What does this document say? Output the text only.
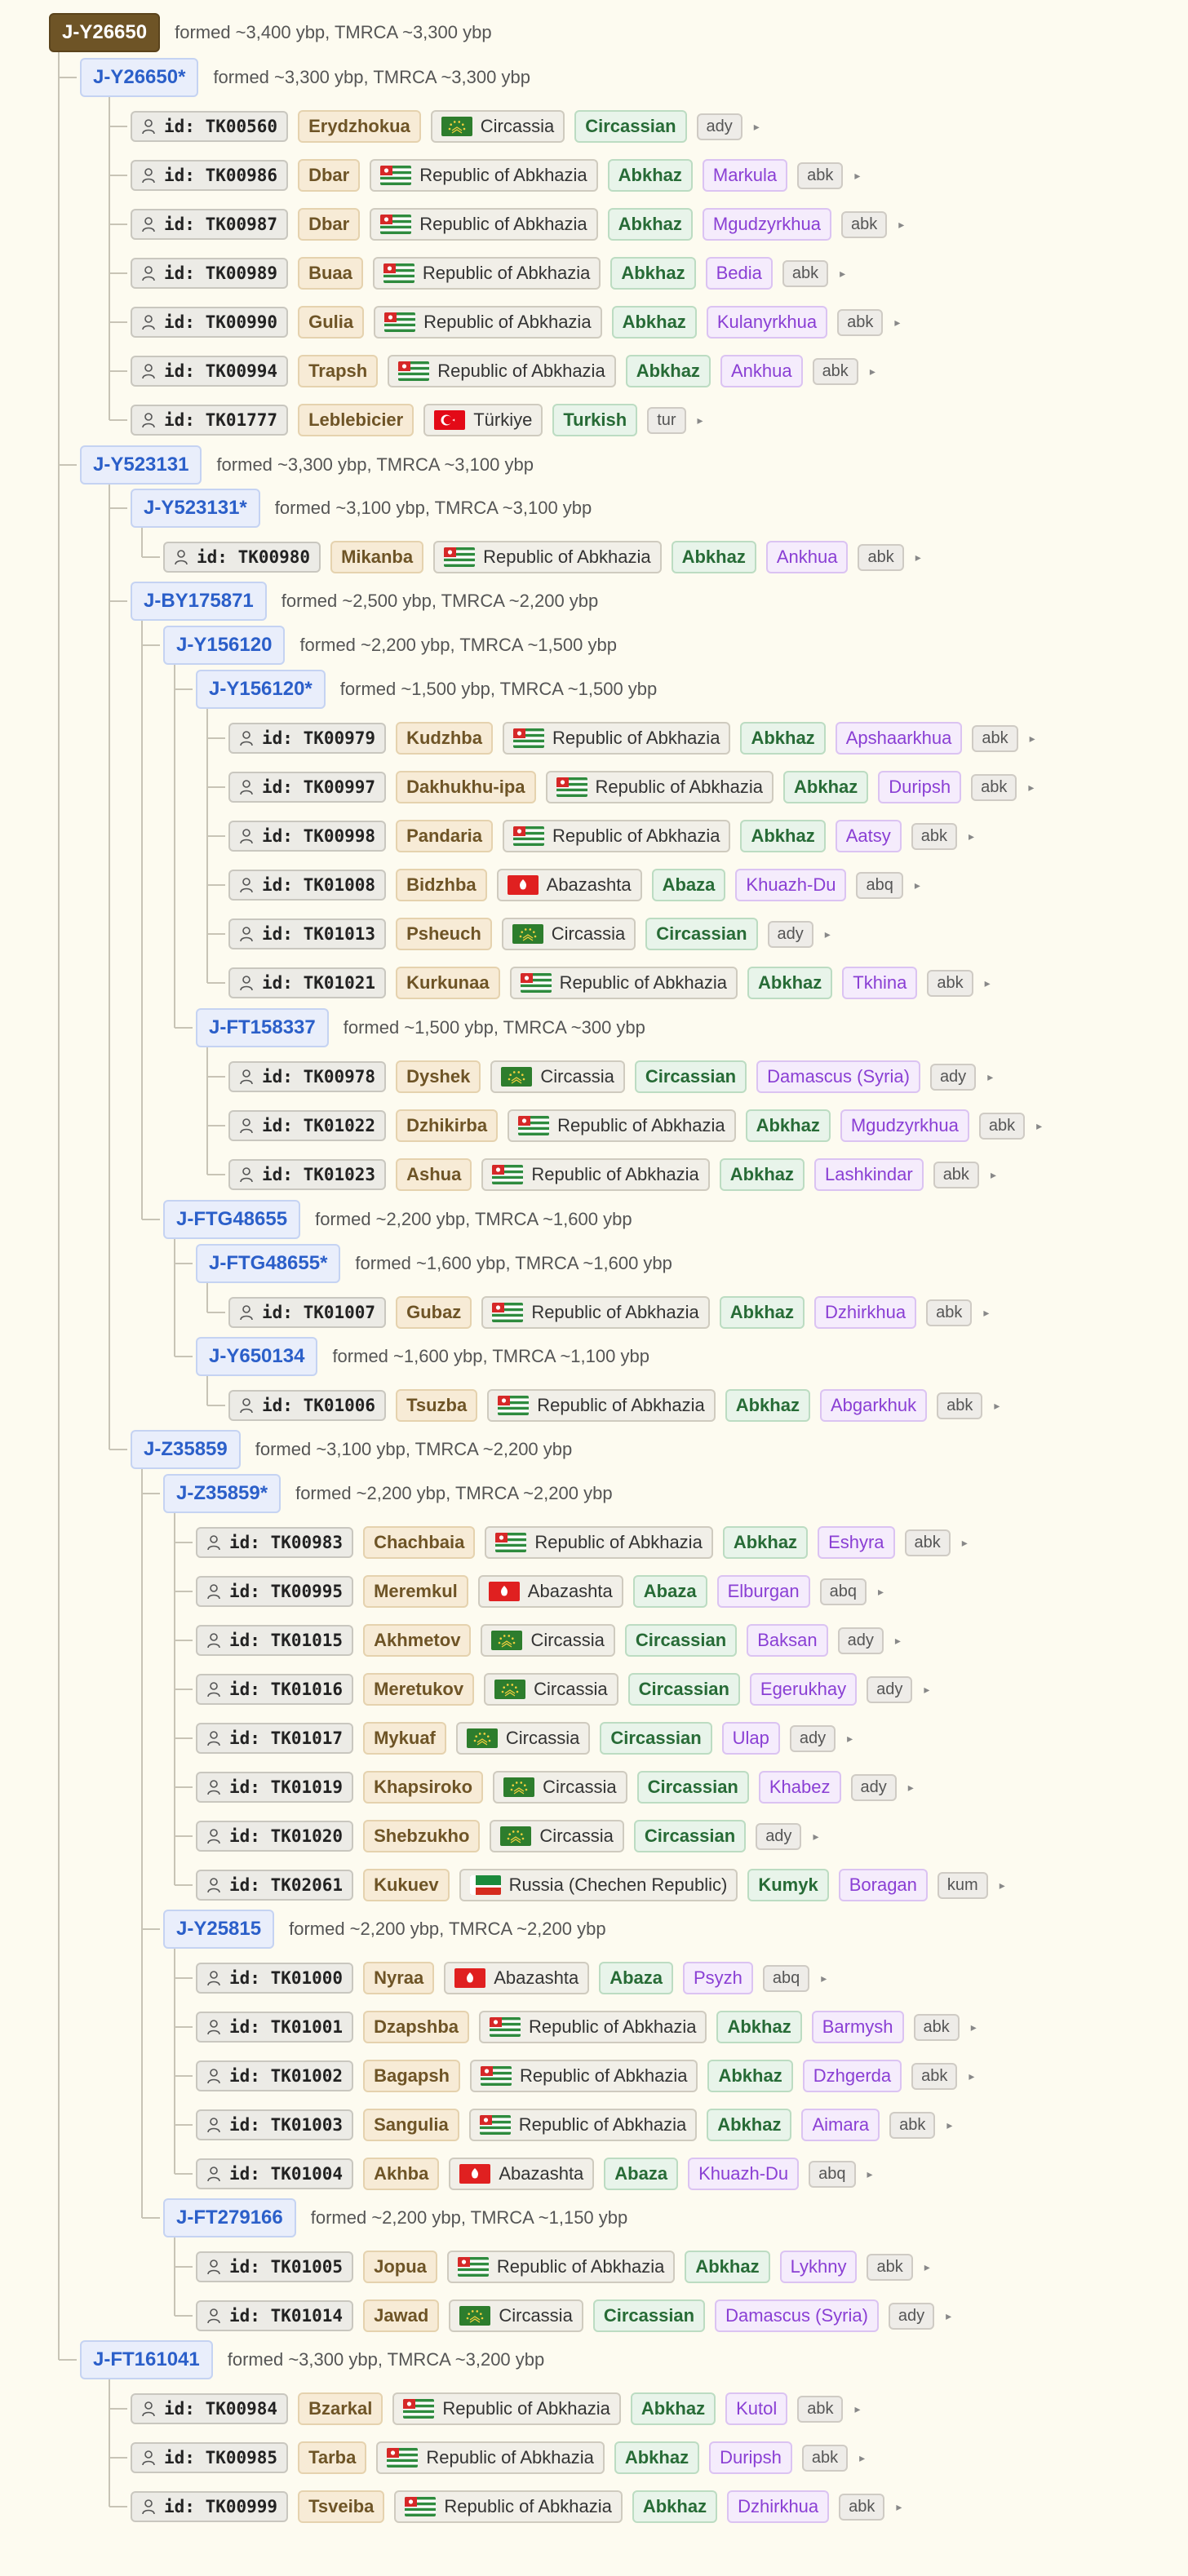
J-Y26650	formed ~3,400 ybp, TMRCA ~3,300 ybp
J-Y26650*	formed ~3,300 ybp, TMRCA ~3,300 ybp
id: TK00560	Erydzhokua	Circassia	Circassian	ady	▸
id: TK00986	Dbar	Republic of Abkhazia	Abkhaz	Markula	abk	▸
id: TK00987	Dbar	Republic of Abkhazia	Abkhaz	Mgudzyrkhua	abk	▸
id: TK00989	Buaa	Republic of Abkhazia	Abkhaz	Bedia	abk	▸
id: TK00990	Gulia	Republic of Abkhazia	Abkhaz	Kulanyrkhua	abk	▸
id: TK00994	Trapsh	Republic of Abkhazia	Abkhaz	Ankhua	abk	▸
id: TK01777	Leblebicier	Türkiye	Turkish	tur	▸
J-Y523131	formed ~3,300 ybp, TMRCA ~3,100 ybp
J-Y523131*	formed ~3,100 ybp, TMRCA ~3,100 ybp
id: TK00980	Mikanba	Republic of Abkhazia	Abkhaz	Ankhua	abk	▸
J-BY175871	formed ~2,500 ybp, TMRCA ~2,200 ybp
J-Y156120	formed ~2,200 ybp, TMRCA ~1,500 ybp
J-Y156120*	formed ~1,500 ybp, TMRCA ~1,500 ybp
id: TK00979	Kudzhba	Republic of Abkhazia	Abkhaz	Apshaarkhua	abk	▸
id: TK00997	Dakhukhu-ipa	Republic of Abkhazia	Abkhaz	Duripsh	abk	▸
id: TK00998	Pandaria	Republic of Abkhazia	Abkhaz	Aatsy	abk	▸
id: TK01008	Bidzhba	Abazashta	Abaza	Khuazh-Du	abq	▸
id: TK01013	Psheuch	Circassia	Circassian	ady	▸
id: TK01021	Kurkunaa	Republic of Abkhazia	Abkhaz	Tkhina	abk	▸
J-FT158337	formed ~1,500 ybp, TMRCA ~300 ybp
id: TK00978	Dyshek	Circassia	Circassian	Damascus (Syria)	ady	▸
id: TK01022	Dzhikirba	Republic of Abkhazia	Abkhaz	Mgudzyrkhua	abk	▸
id: TK01023	Ashua	Republic of Abkhazia	Abkhaz	Lashkindar	abk	▸
J-FTG48655	formed ~2,200 ybp, TMRCA ~1,600 ybp
J-FTG48655*	formed ~1,600 ybp, TMRCA ~1,600 ybp
id: TK01007	Gubaz	Republic of Abkhazia	Abkhaz	Dzhirkhua	abk	▸
J-Y650134	formed ~1,600 ybp, TMRCA ~1,100 ybp
id: TK01006	Tsuzba	Republic of Abkhazia	Abkhaz	Abgarkhuk	abk	▸
J-Z35859	formed ~3,100 ybp, TMRCA ~2,200 ybp
J-Z35859*	formed ~2,200 ybp, TMRCA ~2,200 ybp
id: TK00983	Chachbaia	Republic of Abkhazia	Abkhaz	Eshyra	abk	▸
id: TK00995	Meremkul	Abazashta	Abaza	Elburgan	abq	▸
id: TK01015	Akhmetov	Circassia	Circassian	Baksan	ady	▸
id: TK01016	Meretukov	Circassia	Circassian	Egerukhay	ady	▸
id: TK01017	Mykuaf	Circassia	Circassian	Ulap	ady	▸
id: TK01019	Khapsiroko	Circassia	Circassian	Khabez	ady	▸
id: TK01020	Shebzukho	Circassia	Circassian	ady	▸
id: TK02061	Kukuev	Russia (Chechen Republic)	Kumyk	Boragan	kum	▸
J-Y25815	formed ~2,200 ybp, TMRCA ~2,200 ybp
id: TK01000	Nyraa	Abazashta	Abaza	Psyzh	abq	▸
id: TK01001	Dzapshba	Republic of Abkhazia	Abkhaz	Barmysh	abk	▸
id: TK01002	Bagapsh	Republic of Abkhazia	Abkhaz	Dzhgerda	abk	▸
id: TK01003	Sangulia	Republic of Abkhazia	Abkhaz	Aimara	abk	▸
id: TK01004	Akhba	Abazashta	Abaza	Khuazh-Du	abq	▸
J-FT279166	formed ~2,200 ybp, TMRCA ~1,150 ybp
id: TK01005	Jopua	Republic of Abkhazia	Abkhaz	Lykhny	abk	▸
id: TK01014	Jawad	Circassia	Circassian	Damascus (Syria)	ady	▸
J-FT161041	formed ~3,300 ybp, TMRCA ~3,200 ybp
id: TK00984	Bzarkal	Republic of Abkhazia	Abkhaz	Kutol	abk	▸
id: TK00985	Tarba	Republic of Abkhazia	Abkhaz	Duripsh	abk	▸
id: TK00999	Tsveiba	Republic of Abkhazia	Abkhaz	Dzhirkhua	abk	▸
